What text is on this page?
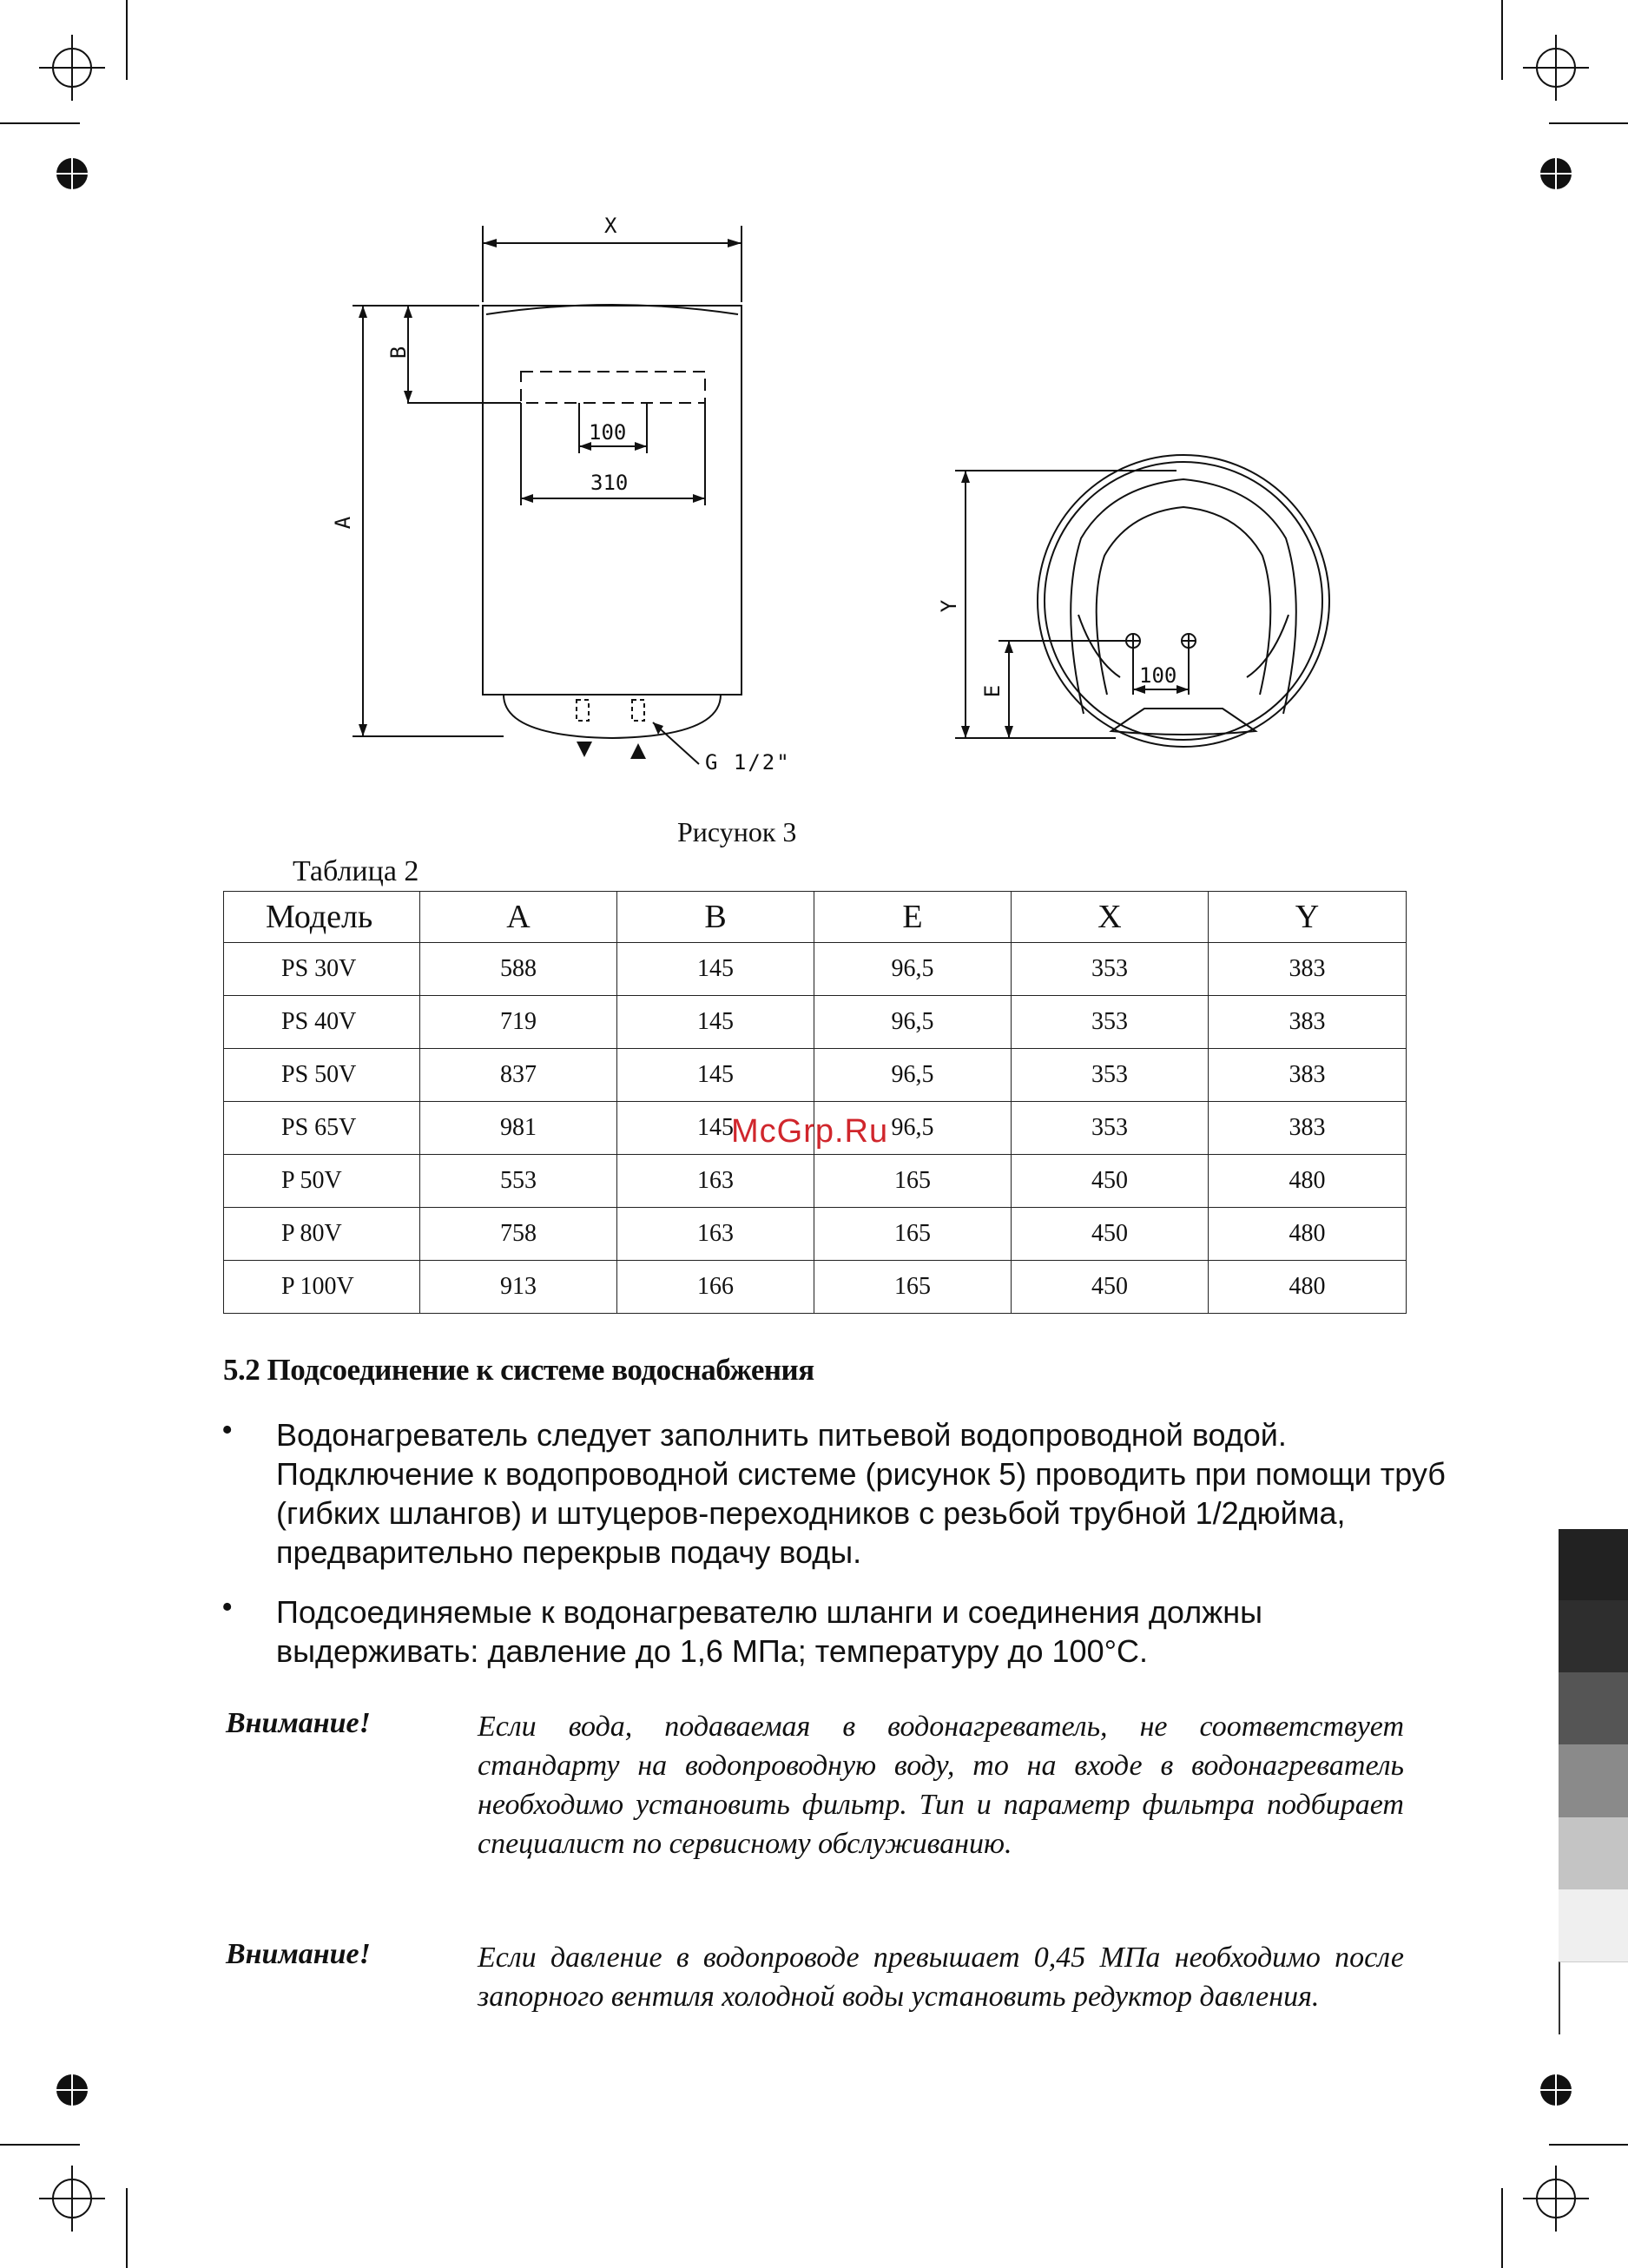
X
A
B
100
310
G 1/2"
Y
E
100
Рисунок 3
Таблица 2
Модель	A	B	E	X	Y
PS 30V	588	145	96,5	353	383
PS 40V	719	145	96,5	353	383
PS 50V	837	145	96,5	353	383
PS 65V	981	145	96,5	353	383
P 50V	553	163	165	450	480
P 80V	758	163	165	450	480
P 100V	913	166	165	450	480
McGrp.Ru
5.2 Подсоединение к системе водоснабжения
• Водонагреватель следует заполнить питьевой водопроводной водой.
Подключение к водопроводной системе (рисунок 5) проводить при помощи труб
(гибких шлангов) и штуцеров-переходников с резьбой трубной 1/2дюйма,
предварительно перекрыв подачу воды.
• Подсоединяемые к водонагревателю шланги и соединения должны
выдерживать: давление до 1,6 МПа; температуру до 100°С.
Внимание!	Если вода, подаваемая в водонагреватель, не соответствует стандарту на водопроводную воду, то на входе в водонагреватель необходимо установить фильтр. Тип и параметр фильтра подбирает специалист по сервисному обслуживанию.
Внимание!	Если давление в водопроводе превышает 0,45 МПа необходимо после запорного вентиля холодной воды установить редуктор давления.
